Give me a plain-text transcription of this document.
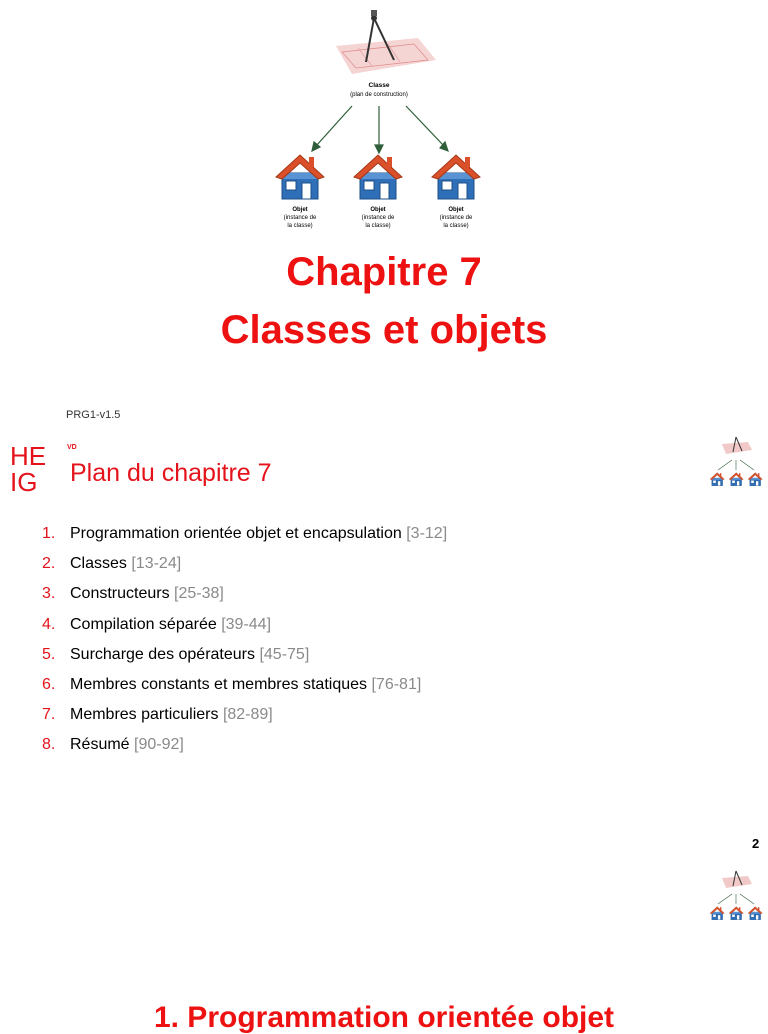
Classe
(plan de construction)
Objet
(instance de
la classe)
Objet
(instance de
la classe)
Objet
(instance de
la classe)
Chapitre 7
Classes et objets
PRG1-v1.5
HE
IG
VD
Plan du chapitre 7
1. Programmation orientée objet et encapsulation [3-12]
2. Classes [13-24]
3. Constructeurs [25-38]
4. Compilation séparée [39-44]
5. Surcharge des opérateurs [45-75]
6. Membres constants et membres statiques [76-81]
7. Membres particuliers [82-89]
8. Résumé [90-92]
2
1. Programmation orientée objet
